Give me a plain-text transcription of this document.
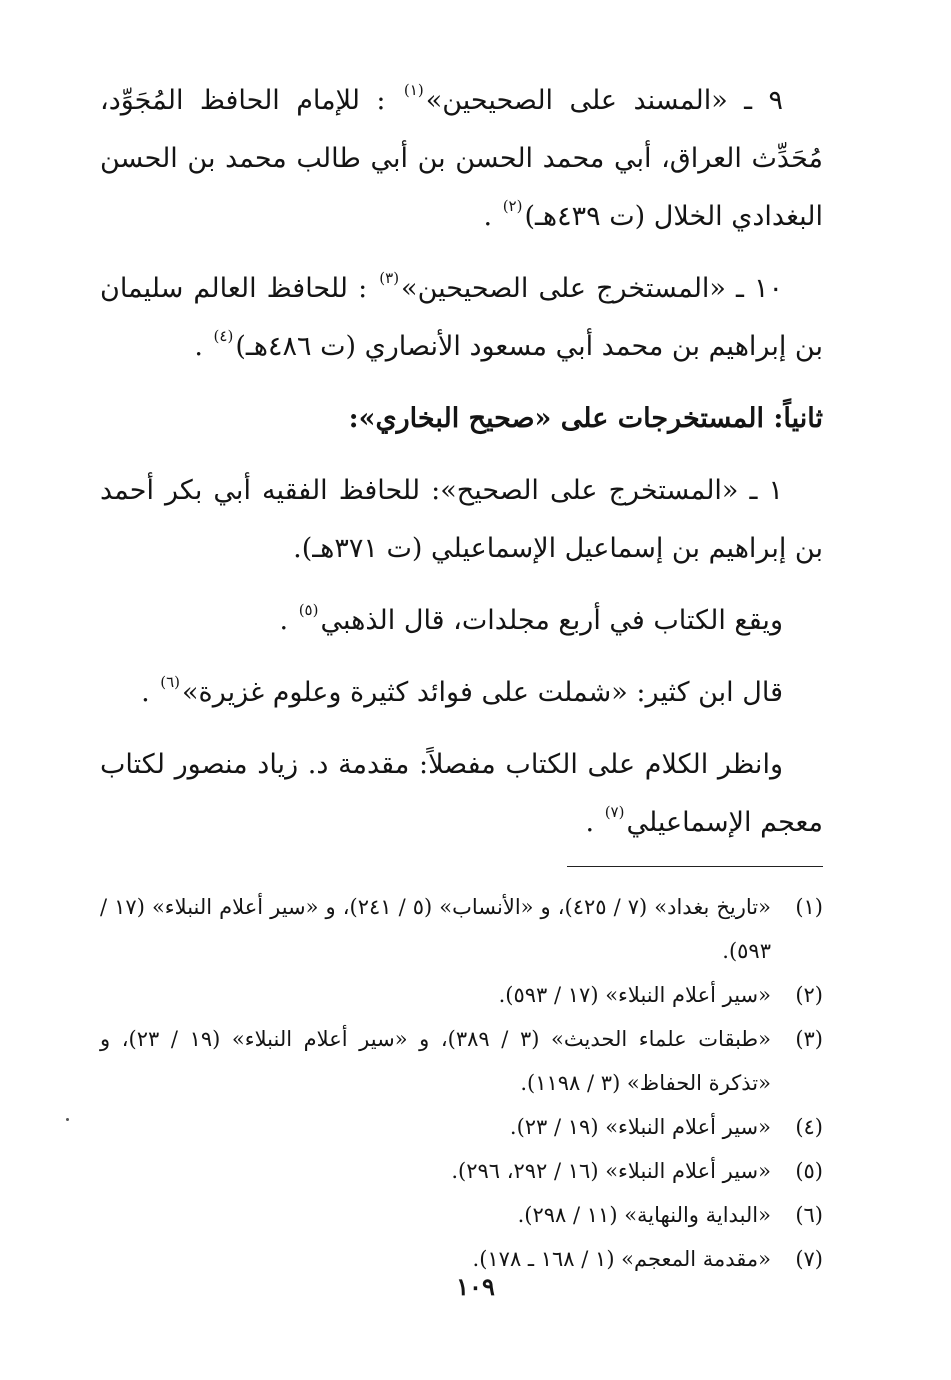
٩ ـ «المسند على الصحيحين»$^{(١)}$ : للإمام الحافظ المُجَوِّد، مُحَدِّث العراق، أبي محمد الحسن بن أبي طالب محمد بن الحسن البغدادي الخلال (ت ٤٣٩هـ)$^{(٢)}$ .

١٠ ـ «المستخرج على الصحيحين»$^{(٣)}$ : للحافظ العالم سليمان بن إبراهيم بن محمد أبي مسعود الأنصاري (ت ٤٨٦هـ)$^{(٤)}$ .

ثانياً: المستخرجات على «صحيح البخاري»:

١ ـ «المستخرج على الصحيح»: للحافظ الفقيه أبي بكر أحمد بن إبراهيم بن إسماعيل الإسماعيلي (ت ٣٧١هـ).

ويقع الكتاب في أربع مجلدات، قال الذهبي$^{(٥)}$ .

قال ابن كثير: «شملت على فوائد كثيرة وعلوم غزيرة»$^{(٦)}$ .

وانظر الكلام على الكتاب مفصلاً: مقدمة د. زياد منصور لكتاب معجم الإسماعيلي$^{(٧)}$ .

(١)
«تاريخ بغداد» (٧ / ٤٢٥)، و «الأنساب» (٥ / ٢٤١)، و «سير أعلام النبلاء» (١٧ / ٥٩٣).
(٢)
«سير أعلام النبلاء» (١٧ / ٥٩٣).
(٣)
«طبقات علماء الحديث» (٣ / ٣٨٩)، و «سير أعلام النبلاء» (١٩ / ٢٣)، و «تذكرة الحفاظ» (٣ / ١١٩٨).
(٤)
«سير أعلام النبلاء» (١٩ / ٢٣).
(٥)
«سير أعلام النبلاء» (١٦ / ٢٩٢، ٢٩٦).
(٦)
«البداية والنهاية» (١١ / ٢٩٨).
(٧)
«مقدمة المعجم» (١ / ١٦٨ ـ ١٧٨).
١٠٩
